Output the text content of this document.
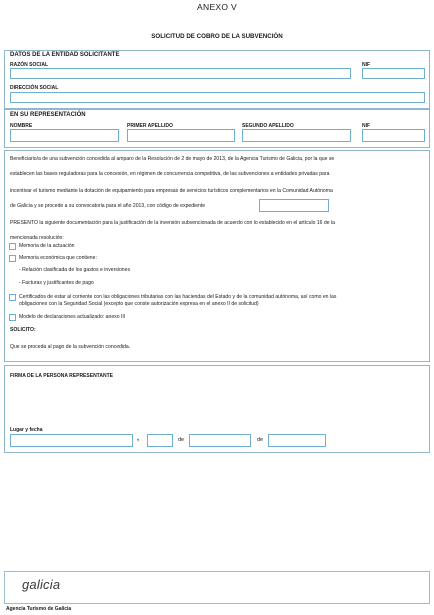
ANEXO V
SOLICITUD DE COBRO DE LA SUBVENCIÓN
DATOS DE LA ENTIDAD SOLICITANTE
RAZÓN SOCIAL	NIF
DIRECCIÓN SOCIAL
EN SU REPRESENTACIÓN
NOMBRE	PRIMER APELLIDO	SEGUNDO APELLIDO	NIF
Beneficiario/a de una subvención concedida al amparo de la Resolución de 2 de mayo de 2013, de la Agencia Turismo de Galicia, por la que se
establecen las bases reguladoras para la concesión, en régimen de concurrencia competitiva, de las subvenciones a entidades privadas para
incentivar el turismo mediante la dotación de equipamiento para empresas de servicios turísticos complementarios en la Comunidad Autónoma
de Galicia y se procede a su convocatoria para el año 2013, con código de expediente
PRESENTO la siguiente documentación para la justificación de la inversión subvencionada de acuerdo con lo establecido en el artículo 16 de la
mencionada resolución:
Memoria de la actuación
Memoria económica que contiene:
- Relación clasificada de los gastos e inversiones
- Facturas y justificantes de pago
Certificados de estar al corriente con las obligaciones tributarias con las haciendas del Estado y de la comunidad autónoma, así como en las
obligaciones con la Seguridad Social (excepto que conste autorización expresa en el anexo II de solicitud)
Modelo de declaraciones actualizado: anexo III
SOLICITO:
Que se proceda al pago de la subvención concedida.
FIRMA DE LA PERSONA REPRESENTANTE
Lugar y fecha
,	de	de
galicia
Agencia Turismo de Galicia
